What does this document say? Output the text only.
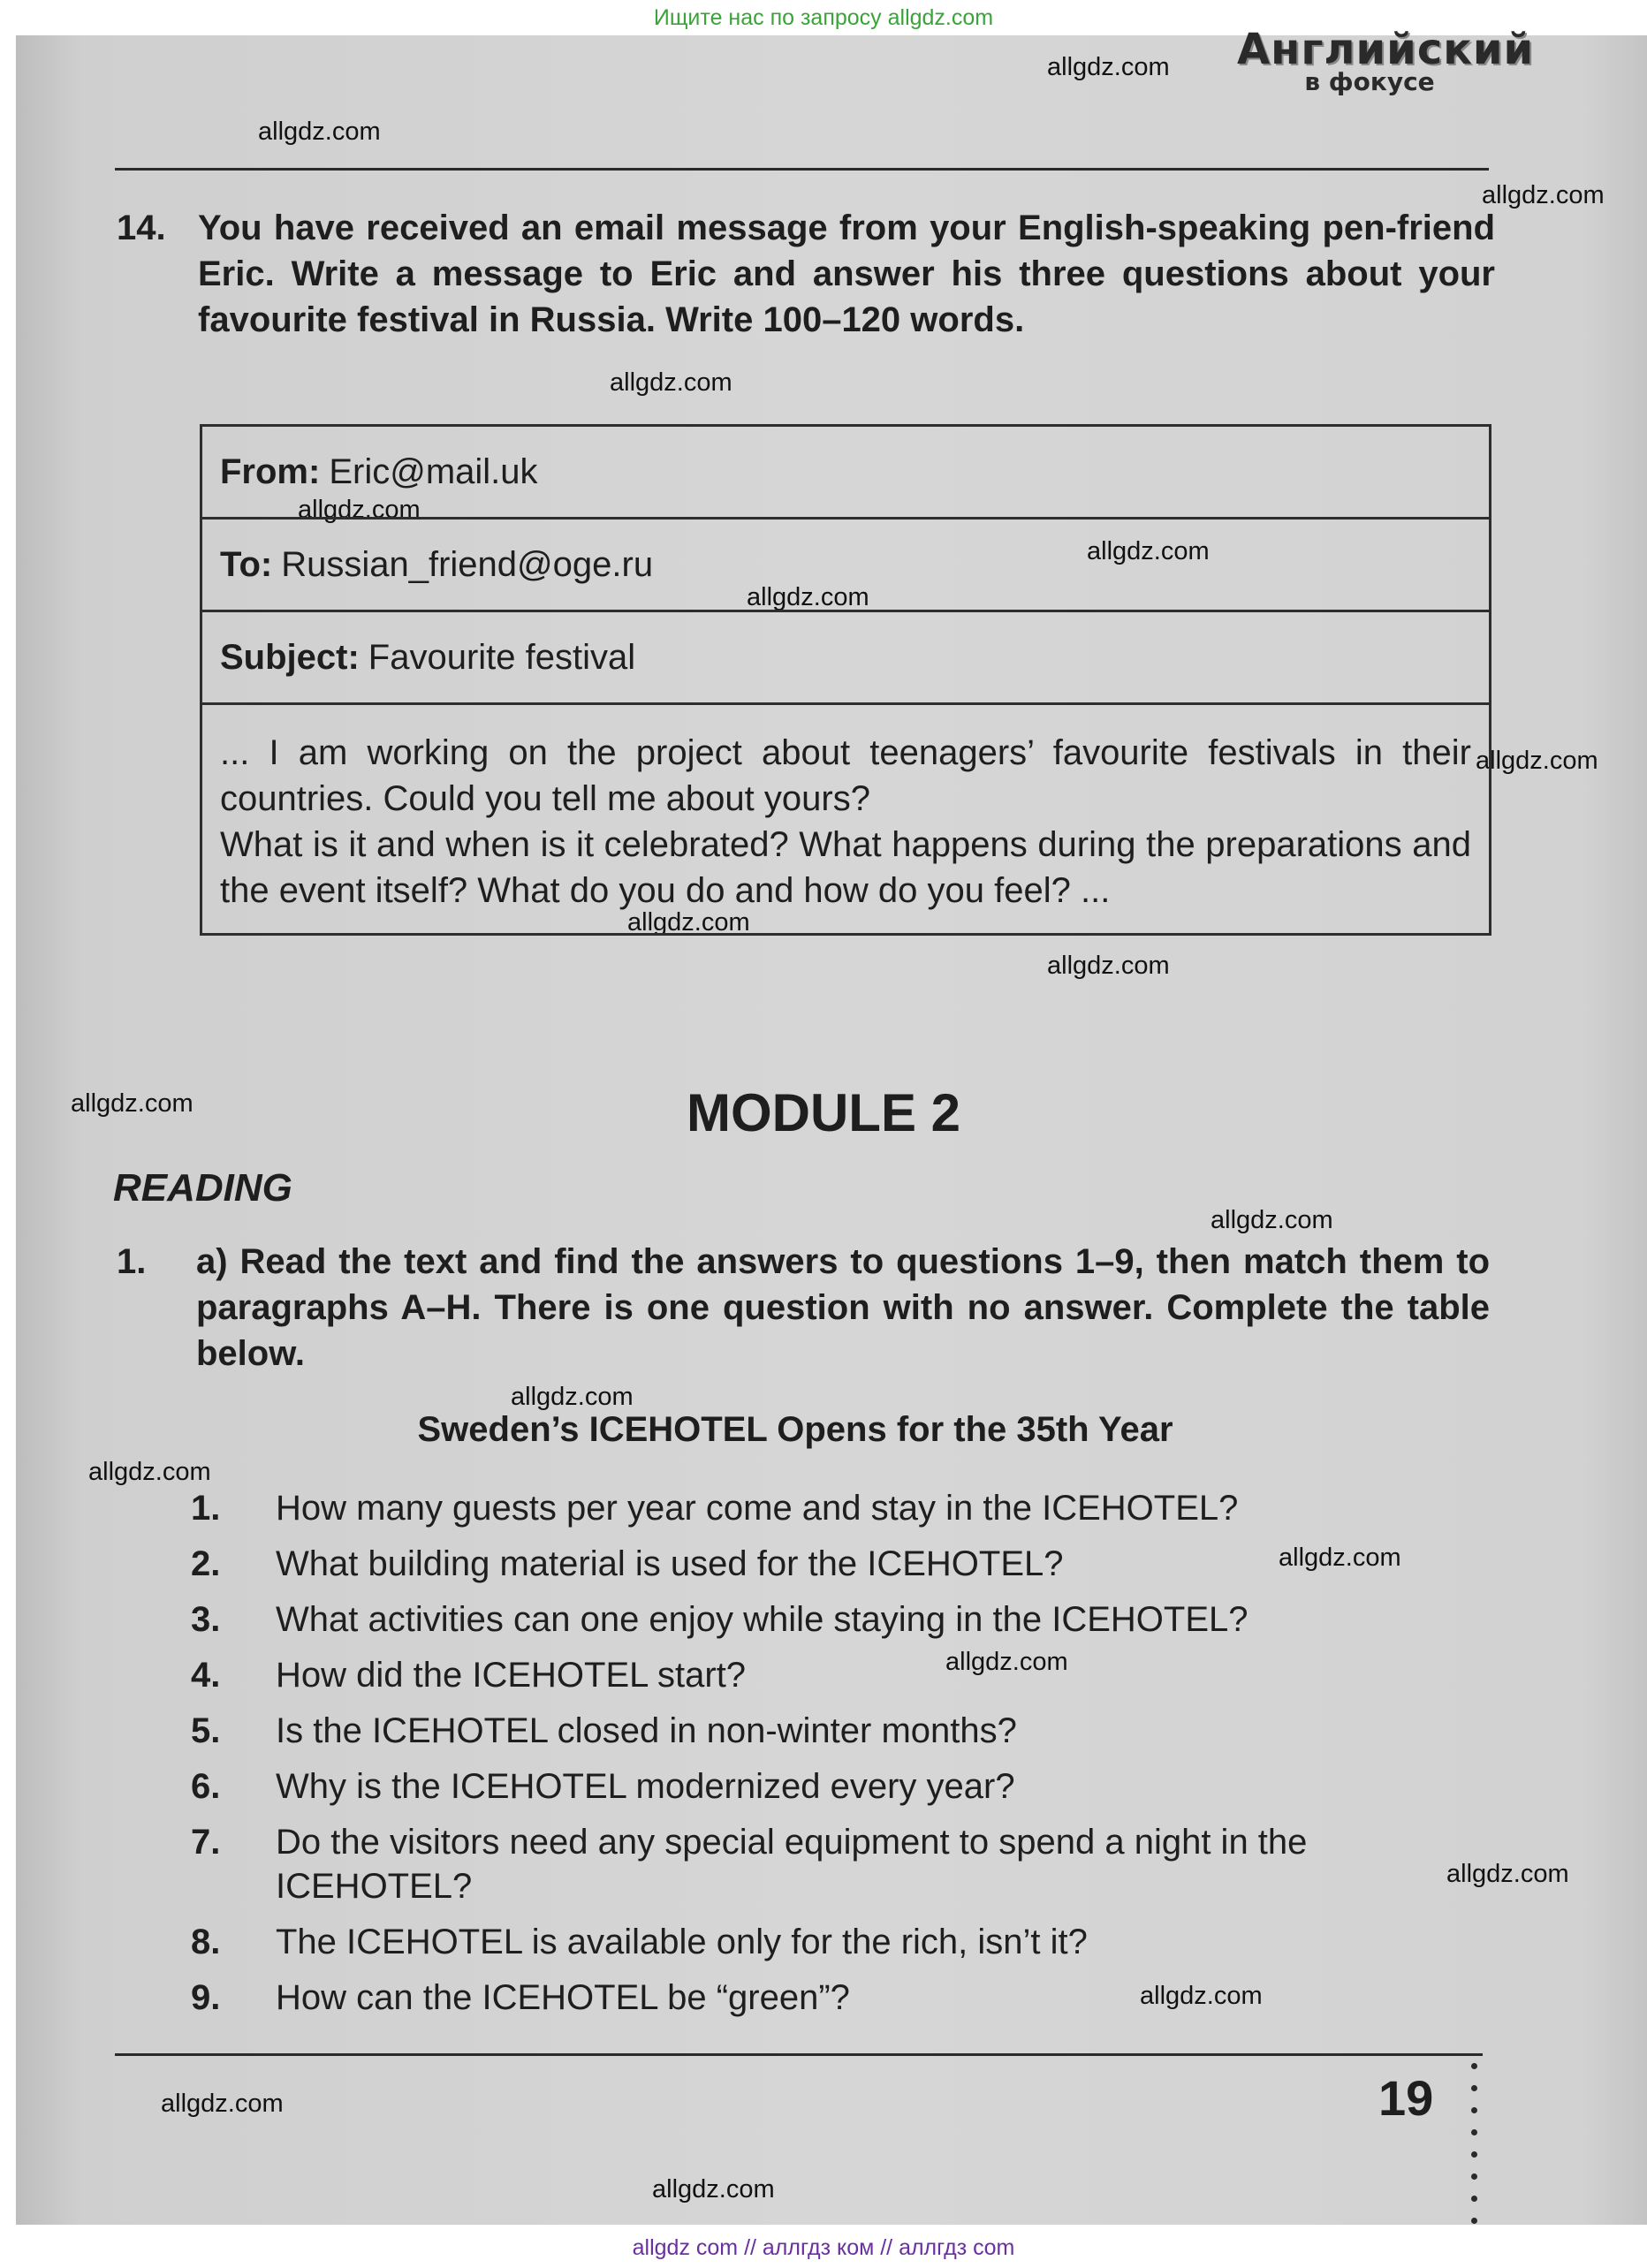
Ищите нас по запросу allgdz.com
allgdz.com
allgdz.com
allgdz.com
allgdz.com
allgdz.com
allgdz.com
allgdz.com
allgdz.com
allgdz.com
allgdz.com
allgdz.com
allgdz.com
allgdz.com
allgdz.com
allgdz.com
allgdz.com
allgdz.com
allgdz.com
allgdz.com
allgdz.com
Английский
в фокусе
14. You have received an email message from your English-speaking pen-friend Eric. Write a message to Eric and answer his three questions about your favourite festival in Russia. Write 100–120 words.
From: Eric@mail.uk
To: Russian_friend@oge.ru
Subject: Favourite festival
... I am working on the project about teenagers’ favourite festivals in their countries. Could you tell me about yours?
What is it and when is it celebrated? What happens during the preparations and the event itself? What do you do and how do you feel? ...
MODULE 2
READING
1. a) Read the text and find the answers to questions 1–9, then match them to paragraphs A–H. There is one question with no answer. Complete the table below.
Sweden’s ICEHOTEL Opens for the 35th Year
1. How many guests per year come and stay in the ICEHOTEL?
2. What building material is used for the ICEHOTEL?
3. What activities can one enjoy while staying in the ICEHOTEL?
4. How did the ICEHOTEL start?
5. Is the ICEHOTEL closed in non-winter months?
6. Why is the ICEHOTEL modernized every year?
7. Do the visitors need any special equipment to spend a night in the ICEHOTEL?
8. The ICEHOTEL is available only for the rich, isn’t it?
9. How can the ICEHOTEL be “green”?
19
allgdz com // аллгдз ком // аллгдз com
